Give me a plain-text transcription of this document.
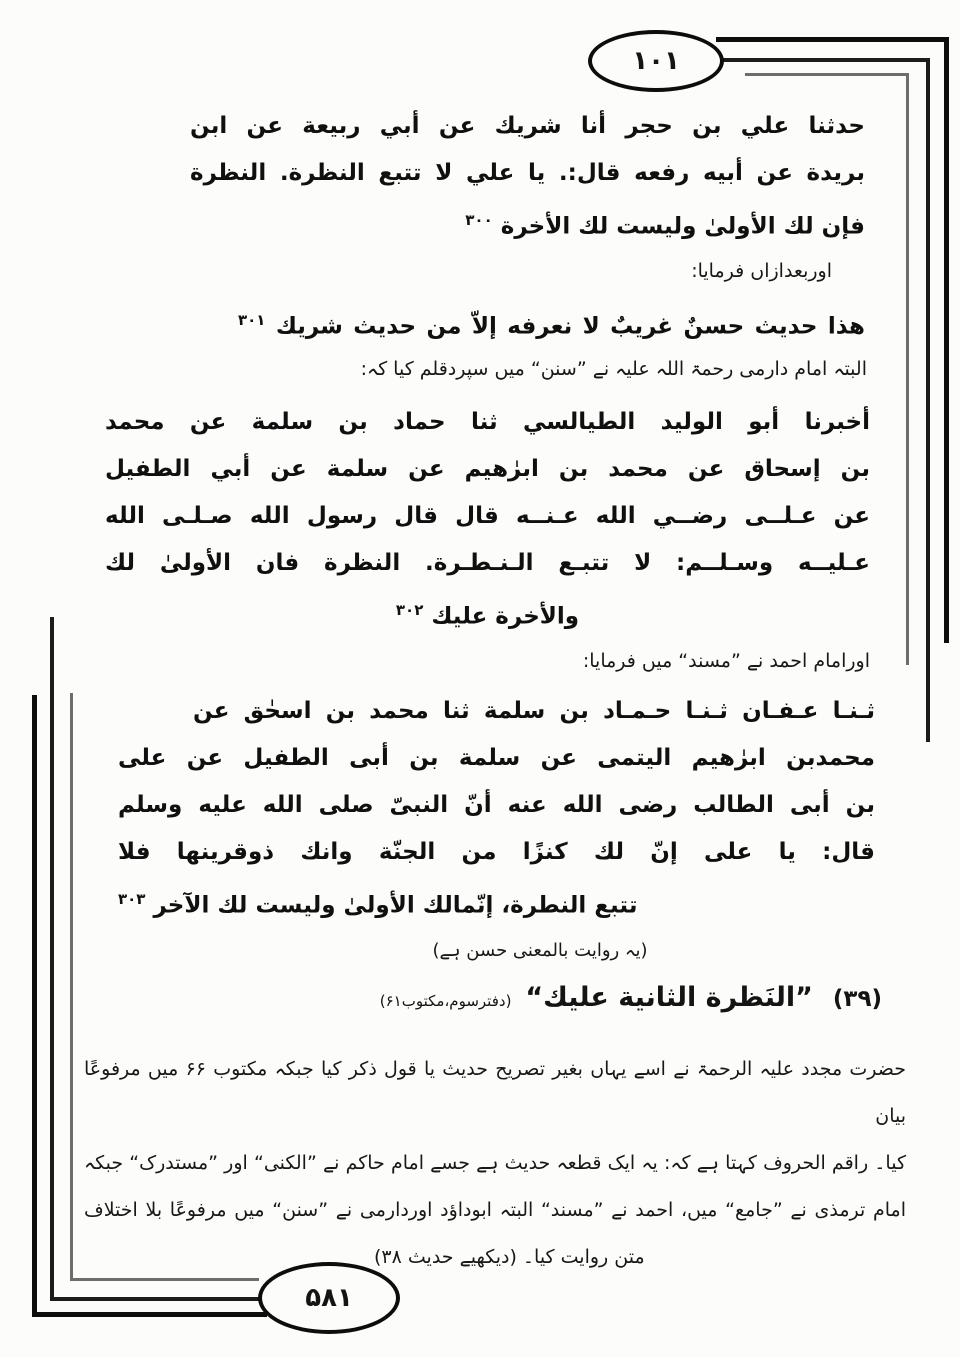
١٠١
۵۸۱
حدثنا علي بن حجر أنا شريك عن أبي ربيعة عن ابن
بريدة عن أبيه رفعه قال:. يا علي لا تتبع النظرة. النظرة
فإن لك الأولىٰ وليست لك الأخرة $^{٣٠٠}$
اوربعدازاں فرمایا:
هذا حديث حسنٌ غريبٌ لا نعرفه إلاّ من حديث شريك $^{٣٠١}$
البتہ امام دارمی رحمۃ اللہ علیہ نے ”سنن“ میں سپردقلم کیا کہ:
أخبرنا أبو الوليد الطيالسي ثنا حماد بن سلمة عن محمد
بن إسحاق عن محمد بن ابرٰهيم عن سلمة عن أبي الطفيل
عن عـلــى رضــي الله عـنــه قال قال رسول الله صـلـى الله
عـليــه وسـلــم: لا تتبـع الـنـطـرة. النظرة فان الأولىٰ لك
والأخرة عليك $^{٣٠٢}$
اورامام احمد نے ”مسند“ میں فرمایا:
ثـنـا عـفـان ثـنـا حـمـاد بن سلمة ثنا محمد بن اسحٰق عن
محمدبن ابرٰهيم اليتمى عن سلمة بن أبى الطفيل عن على
بن أبى الطالب رضى الله عنه أنّ النبىّ صلى الله عليه وسلم
قال: يا على إنّ لك كنزًا من الجنّة وانك ذوقرينها فلا
تتبع النطرة، إنّمالك الأولىٰ وليست لك الآخر $^{٣٠٣}$
(یہ روایت بالمعنی حسن ہے)
(۳۹)”النَظرة الثانية عليك“(دفترسوم،مکتوب۶۱)
حضرت مجدد علیہ الرحمۃ نے اسے یہاں بغیر تصریح حدیث یا قول ذکر کیا جبکہ مکتوب ۶۶ میں مرفوعًا بیان
کیا۔ راقم الحروف کہتا ہے کہ: یہ ایک قطعہ حدیث ہے جسے امام حاکم نے ”الکنی“ اور ”مستدرک“ جبکہ
امام ترمذی نے ”جامع“ میں، احمد نے ”مسند“ البتہ ابوداؤد اوردارمی نے ”سنن“ میں مرفوعًا بلا اختلاف
متن روایت کیا۔ (دیکھیے حدیث ۳۸)
